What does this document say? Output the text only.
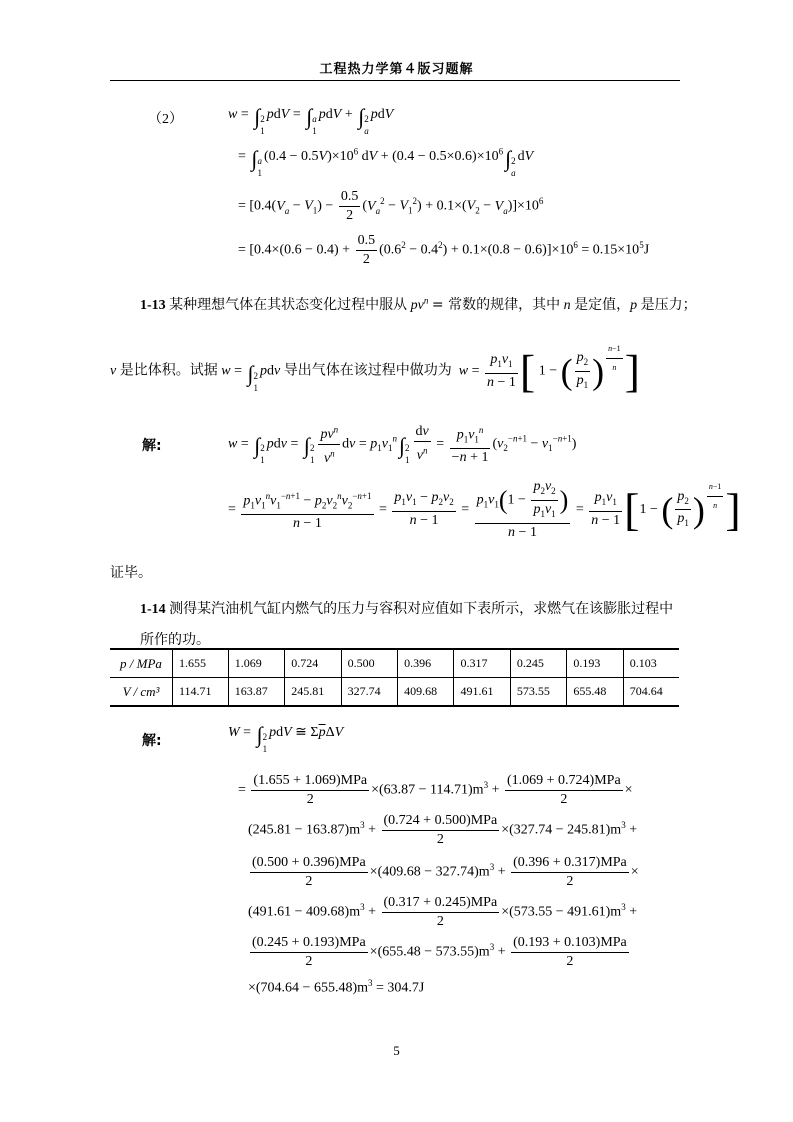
工程热力学第４版习题解
（2）	w = ∫ 2
1
pdV = ∫ a
1
pdV + ∫ 2
a
pdV
= ∫ a
1
$(0.4 - 0.5V)\times 10^6$ dV + $(0.4 - 0.5\times 0.6)\times 10^6\int$ 2
a
dV
= $[0.4(V_a - V_1) - \frac{0.5}{2} (V_a^2 - V_1^2) + 0.1\times(V_2 - V_a)]\times 10^6$
= $[0.4\times(0.6 - 0.4) + \frac{0.5}{2} (0.6^2 - 0.4^2) + 0.1\times(0.8 - 0.6)]\times 10^6 = 0.15\times 10^5J$
1-13 某种理想气体在其状态变化过程中服从 $pv^n$ = 常数的规律，其中 n 是定值，p 是压力；
v 是比体积。试据 w = ∫ 2
1
pdv 导出气体在该过程中做功为 $w = \frac{p_1v_1}{n - 1}$ [ 1 − ( $\frac{p_2}{p_1}$ ) $^{\frac{n-1}{n}}$ ]
解:	w = ∫ 2
1
pdv = ∫ 2
$1 \frac{pv^n}{v^n}$ dv = $p_1v_1^n\int$ 2
$1 \frac{dv}{v^n} = \frac{p_1v_1^n}{-n + 1} (v_2^{-n+1} - v_1^{-n+1})$
= $\frac{p_1v_1^nv_1^{-n+1} - p_2v_2^nv_2^{-n+1}}{n - 1} = \frac{p_1v_1 - p_2v_2}{n - 1} = \frac{p_1v_1(1 - \frac{p_2v_2}{p_1v_1} )}{n - 1} = \frac{p_1v_1}{n - 1} [1$ − ( $\frac{p_2}{p_1}$ ) $^{\frac{n-1}{n}}$ ]
证毕。
1-14 测得某汽油机气缸内燃气的压力与容积对应值如下表所示，求燃气在该膨胀过程中所作的功。
p / MPa	1.655	1.069	0.724	0.500	0.396	0.317	0.245	0.193	0.103
V / cm³	114.71	163.87	245.81	327.74	409.68	491.61	573.55	655.48	704.64
解:
W = ∫ 2
1
pdV ≅ $\Sigma\overline{p}\Delta V$
= $\frac{\text{(1.655 + 1.069)MPa}}{2} \times(63.87 - 114.71)m^3 + \frac{\text{(1.069 + 0.724)MPa}}{2}$ ×
$(245.81 - 163.87)m^3 + \frac{\text{(0.724 + 0.500)MPa}}{2} \times(327.74 - 245.81)m^3$ +
$\frac{\text{(0.500 + 0.396)MPa}}{2} \times(409.68 - 327.74)m^3 + \frac{\text{(0.396 + 0.317)MPa}}{2}$ ×
$(491.61 - 409.68)m^3 + \frac{\text{(0.317 + 0.245)MPa}}{2} \times(573.55 - 491.61)m^3$ +
$\frac{\text{(0.245 + 0.193)MPa}}{2} \times(655.48 - 573.55)m^3 + \frac{\text{(0.193 + 0.103)MPa}}{2}$
$\times(704.64 - 655.48)m^3 = 304.7J$
5
